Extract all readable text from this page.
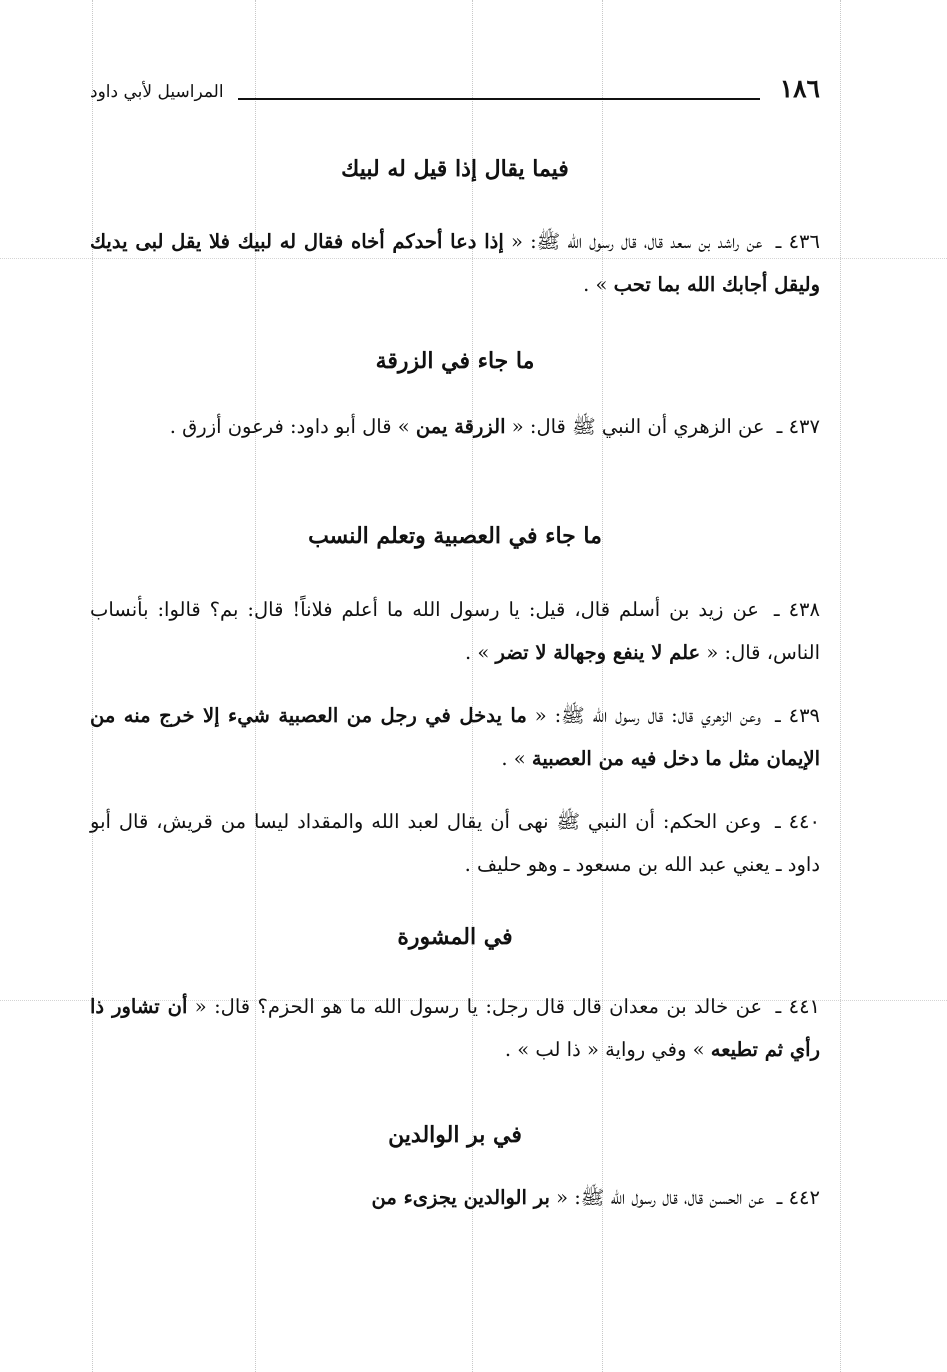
١٨٦
المراسيل لأبي داود
فيما يقال إذا قيل له لبيك
٤٣٦ ـ عن راشد بن سعد قال، قال رسول الله ﷺ: « إذا دعا أحدكم أخاه فقال له لبيك فلا يقل لبى يديك وليقل أجابك الله بما تحب » .
ما جاء في الزرقة
٤٣٧ ـ عن الزهري أن النبي ﷺ قال: « الزرقة يمن » قال أبو داود: فرعون أزرق .
ما جاء في العصبية وتعلم النسب
٤٣٨ ـ عن زيد بن أسلم قال، قيل: يا رسول الله ما أعلم فلاناً! قال: بم؟ قالوا: بأنساب الناس، قال: « علم لا ينفع وجهالة لا تضر » .
٤٣٩ ـ وعن الزهري قال: قال رسول الله ﷺ: « ما يدخل في رجل من العصبية شيء إلا خرج منه من الإيمان مثل ما دخل فيه من العصبية » .
٤٤٠ ـ وعن الحكم: أن النبي ﷺ نهى أن يقال لعبد الله والمقداد ليسا من قريش، قال أبو داود ـ يعني عبد الله بن مسعود ـ وهو حليف .
في المشورة
٤٤١ ـ عن خالد بن معدان قال قال رجل: يا رسول الله ما هو الحزم؟ قال: « أن تشاور ذا رأي ثم تطيعه » وفي رواية « ذا لب » .
في بر الوالدين
٤٤٢ ـ عن الحسن قال، قال رسول الله ﷺ: « بر الوالدين يجزىء من
